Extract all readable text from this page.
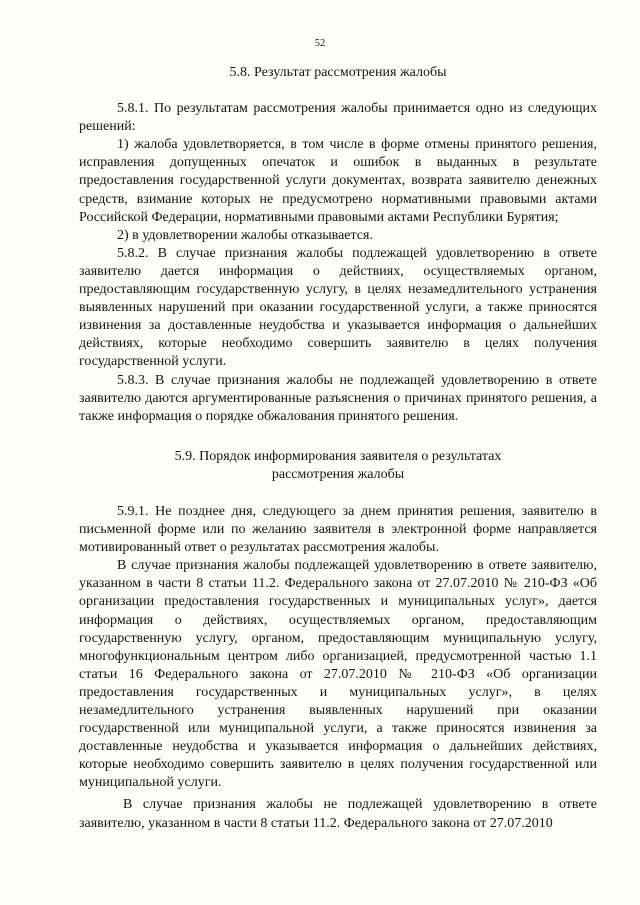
52

5.8. Результат рассмотрения жалобы

5.8.1. По результатам рассмотрения жалобы принимается одно из следующих решений:

1) жалоба удовлетворяется, в том числе в форме отмены принятого решения, исправления допущенных опечаток и ошибок в выданных в результате предоставления государственной услуги документах, возврата заявителю денежных средств, взимание которых не предусмотрено нормативными правовыми актами Российской Федерации, нормативными правовыми актами Республики Бурятия;

2) в удовлетворении жалобы отказывается.

5.8.2. В случае признания жалобы подлежащей удовлетворению в ответе заявителю дается информация о действиях, осуществляемых органом, предоставляющим государственную услугу, в целях незамедлительного устранения выявленных нарушений при оказании государственной услуги, а также приносятся извинения за доставленные неудобства и указывается информация о дальнейших действиях, которые необходимо совершить заявителю в целях получения государственной услуги.

5.8.3. В случае признания жалобы не подлежащей удовлетворению в ответе заявителю даются аргументированные разъяснения о причинах принятого решения, а также информация о порядке обжалования принятого решения.

5.9. Порядок информирования заявителя о результатах

рассмотрения жалобы

5.9.1. Не позднее дня, следующего за днем принятия решения, заявителю в письменной форме или по желанию заявителя в электронной форме направляется мотивированный ответ о результатах рассмотрения жалобы.

В случае признания жалобы подлежащей удовлетворению в ответе заявителю, указанном в части 8 статьи 11.2. Федерального закона от 27.07.2010 № 210-ФЗ «Об организации предоставления государственных и муниципальных услуг», дается информация о действиях, осуществляемых органом, предоставляющим государственную услугу, органом, предоставляющим муниципальную услугу, многофункциональным центром либо организацией, предусмотренной частью 1.1 статьи 16 Федерального закона от 27.07.2010 № 210-ФЗ «Об организации предоставления государственных и муниципальных услуг», в целях незамедлительного устранения выявленных нарушений при оказании государственной или муниципальной услуги, а также приносятся извинения за доставленные неудобства и указывается информация о дальнейших действиях, которые необходимо совершить заявителю в целях получения государственной или муниципальной услуги.

В случае признания жалобы не подлежащей удовлетворению в ответе заявителю, указанном в части 8 статьи 11.2. Федерального закона от 27.07.2010
